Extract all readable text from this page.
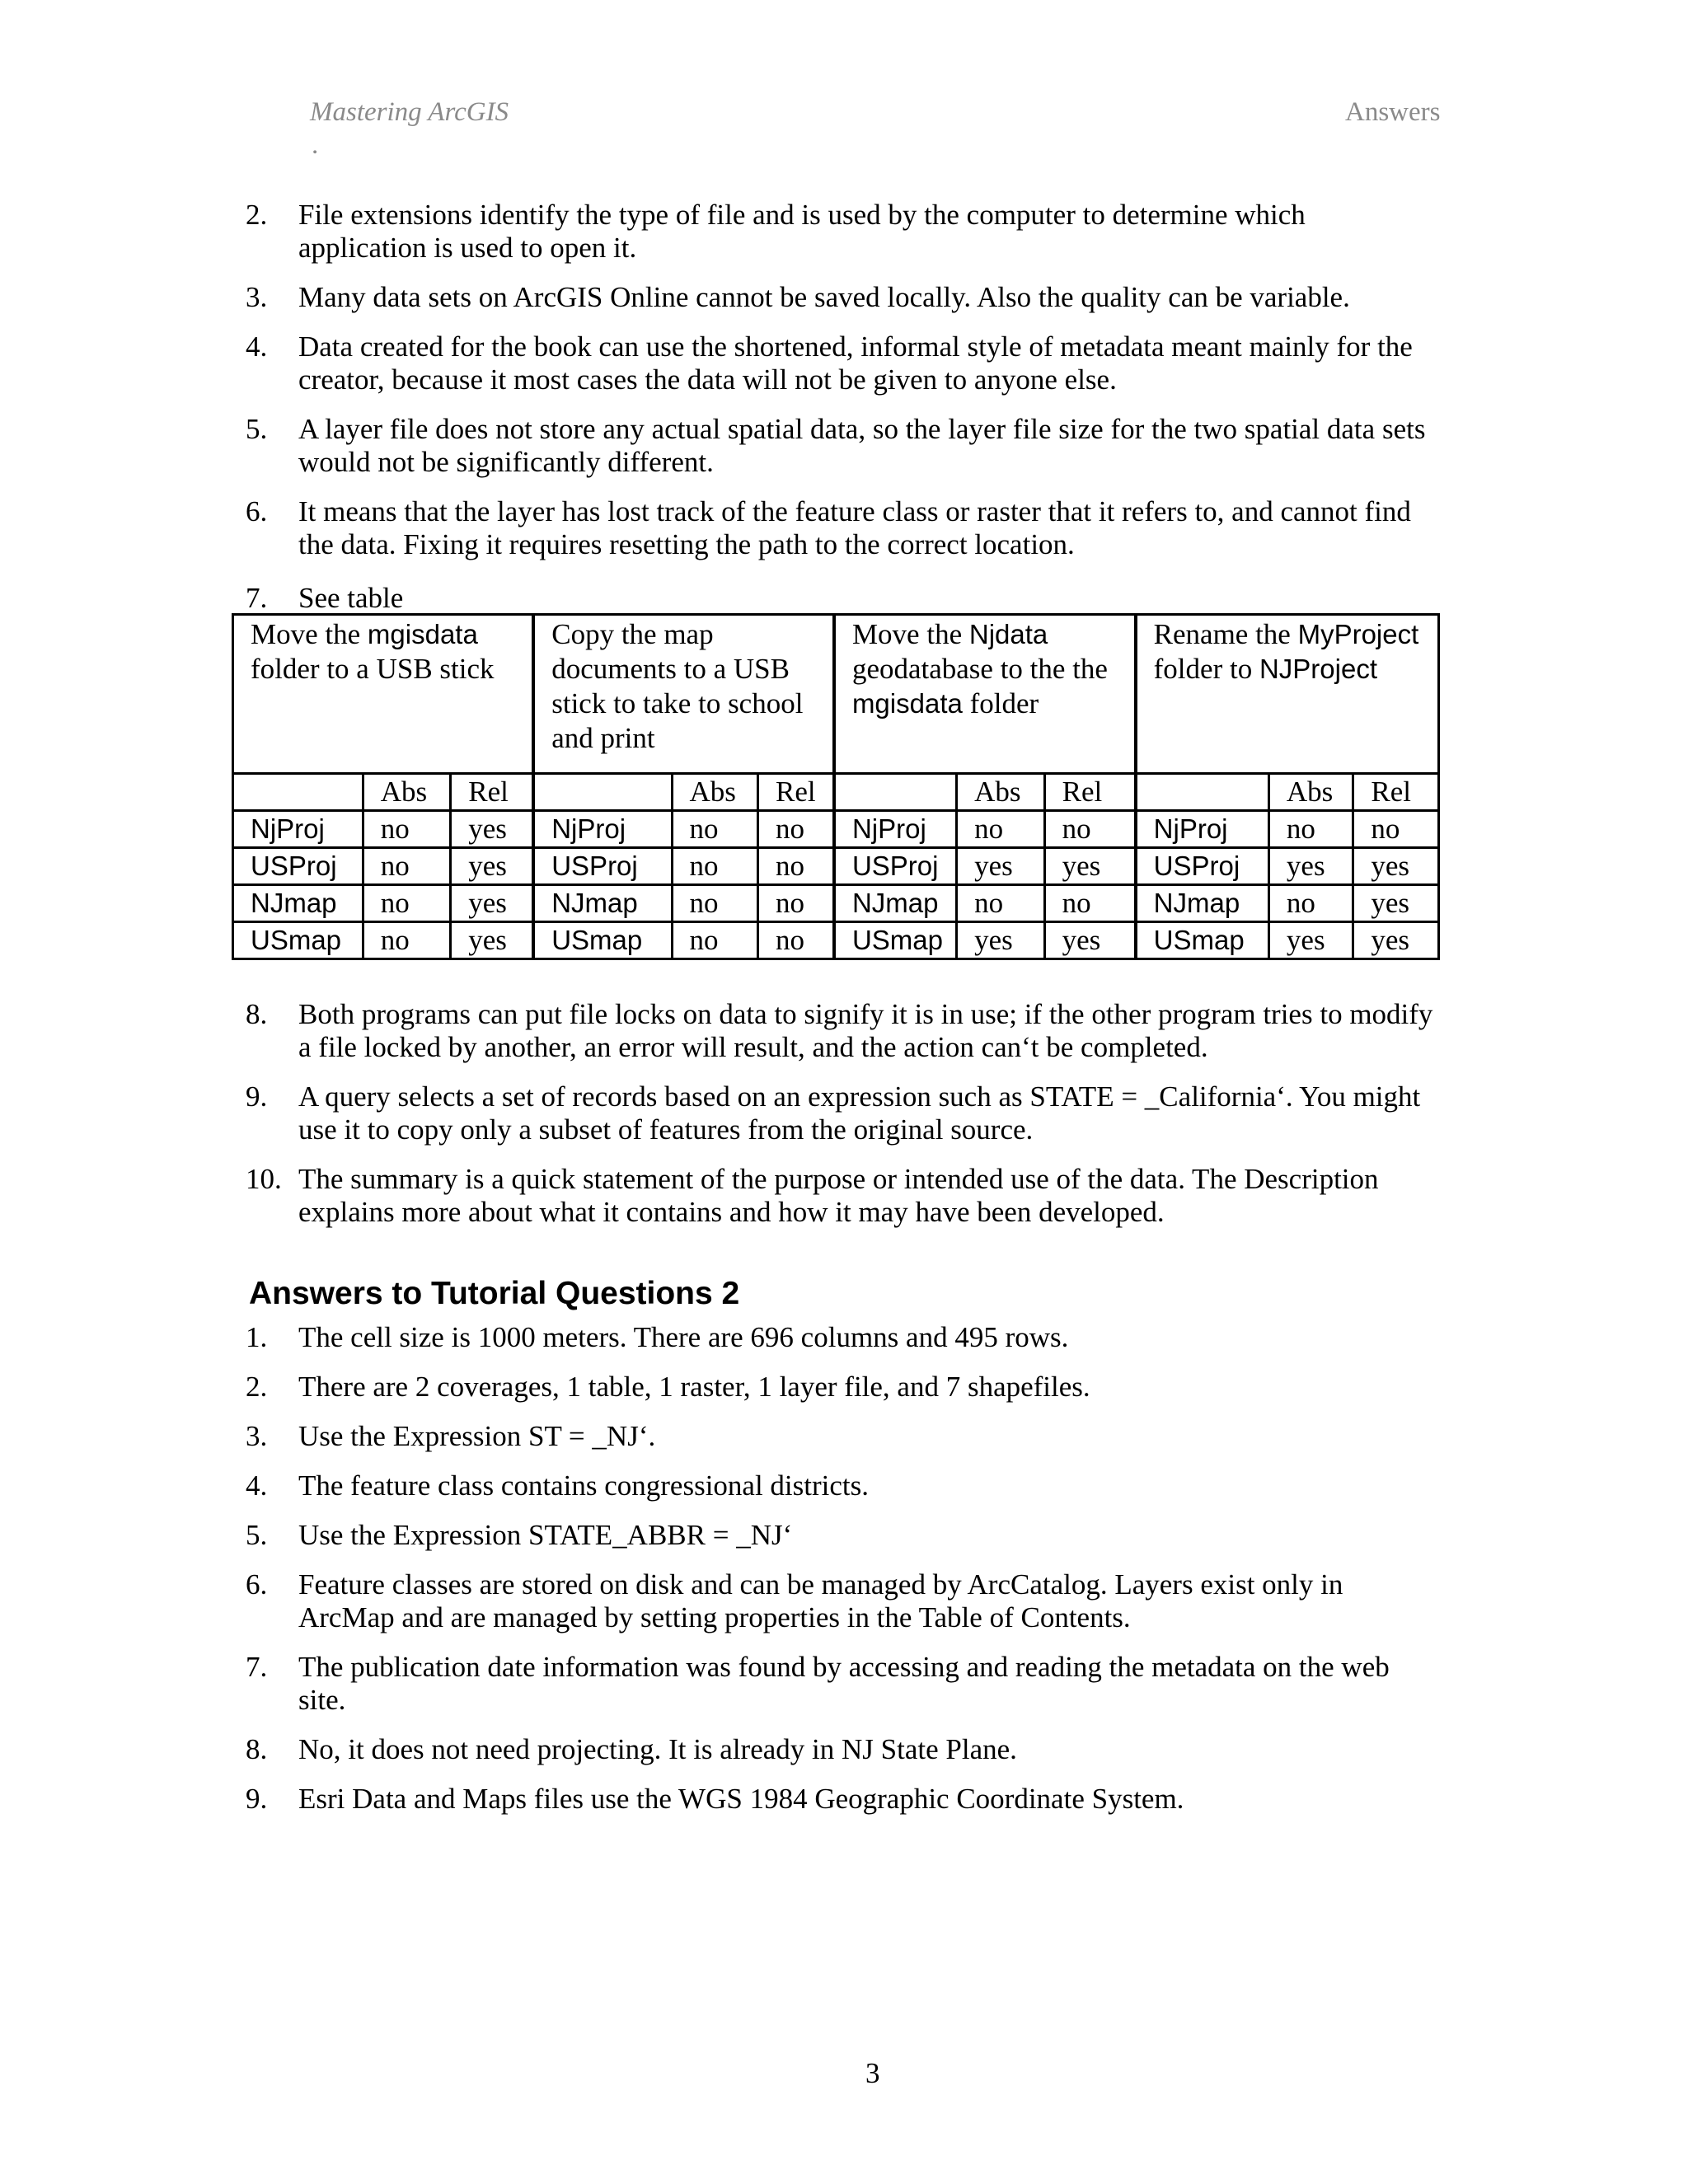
Mastering ArcGIS	Answers
.
2. File extensions identify the type of file and is used by the computer to determine which application is used to open it.
3. Many data sets on ArcGIS Online cannot be saved locally. Also the quality can be variable.
4. Data created for the book can use the shortened, informal style of metadata meant mainly for the creator, because it most cases the data will not be given to anyone else.
5. A layer file does not store any actual spatial data, so the layer file size for the two spatial data sets would not be significantly different.
6. It means that the layer has lost track of the feature class or raster that it refers to, and cannot find the data. Fixing it requires resetting the path to the correct location.
7. See table
Move the mgisdata folder to a USB stick			Copy the map documents to a USB stick to take to school and print			Move the Njdata geodatabase to the the mgisdata folder			Rename the MyProject folder to NJProject		
	Abs	Rel		Abs	Rel		Abs	Rel		Abs	Rel
NjProj	no	yes	NjProj	no	no	NjProj	no	no	NjProj	no	no
USProj	no	yes	USProj	no	no	USProj	yes	yes	USProj	yes	yes
NJmap	no	yes	NJmap	no	no	NJmap	no	no	NJmap	no	yes
USmap	no	yes	USmap	no	no	USmap	yes	yes	USmap	yes	yes
8. Both programs can put file locks on data to signify it is in use; if the other program tries to modify a file locked by another, an error will result, and the action can‘t be completed.
9. A query selects a set of records based on an expression such as STATE = _California‘. You might use it to copy only a subset of features from the original source.
10. The summary is a quick statement of the purpose or intended use of the data. The Description explains more about what it contains and how it may have been developed.
Answers to Tutorial Questions 2
1. The cell size is 1000 meters. There are 696 columns and 495 rows.
2. There are 2 coverages, 1 table, 1 raster, 1 layer file, and 7 shapefiles.
3. Use the Expression ST = _NJ‘.
4. The feature class contains congressional districts.
5. Use the Expression STATE_ABBR = _NJ‘
6. Feature classes are stored on disk and can be managed by ArcCatalog. Layers exist only in ArcMap and are managed by setting properties in the Table of Contents.
7. The publication date information was found by accessing and reading the metadata on the web site.
8. No, it does not need projecting. It is already in NJ State Plane.
9. Esri Data and Maps files use the WGS 1984 Geographic Coordinate System.
3
